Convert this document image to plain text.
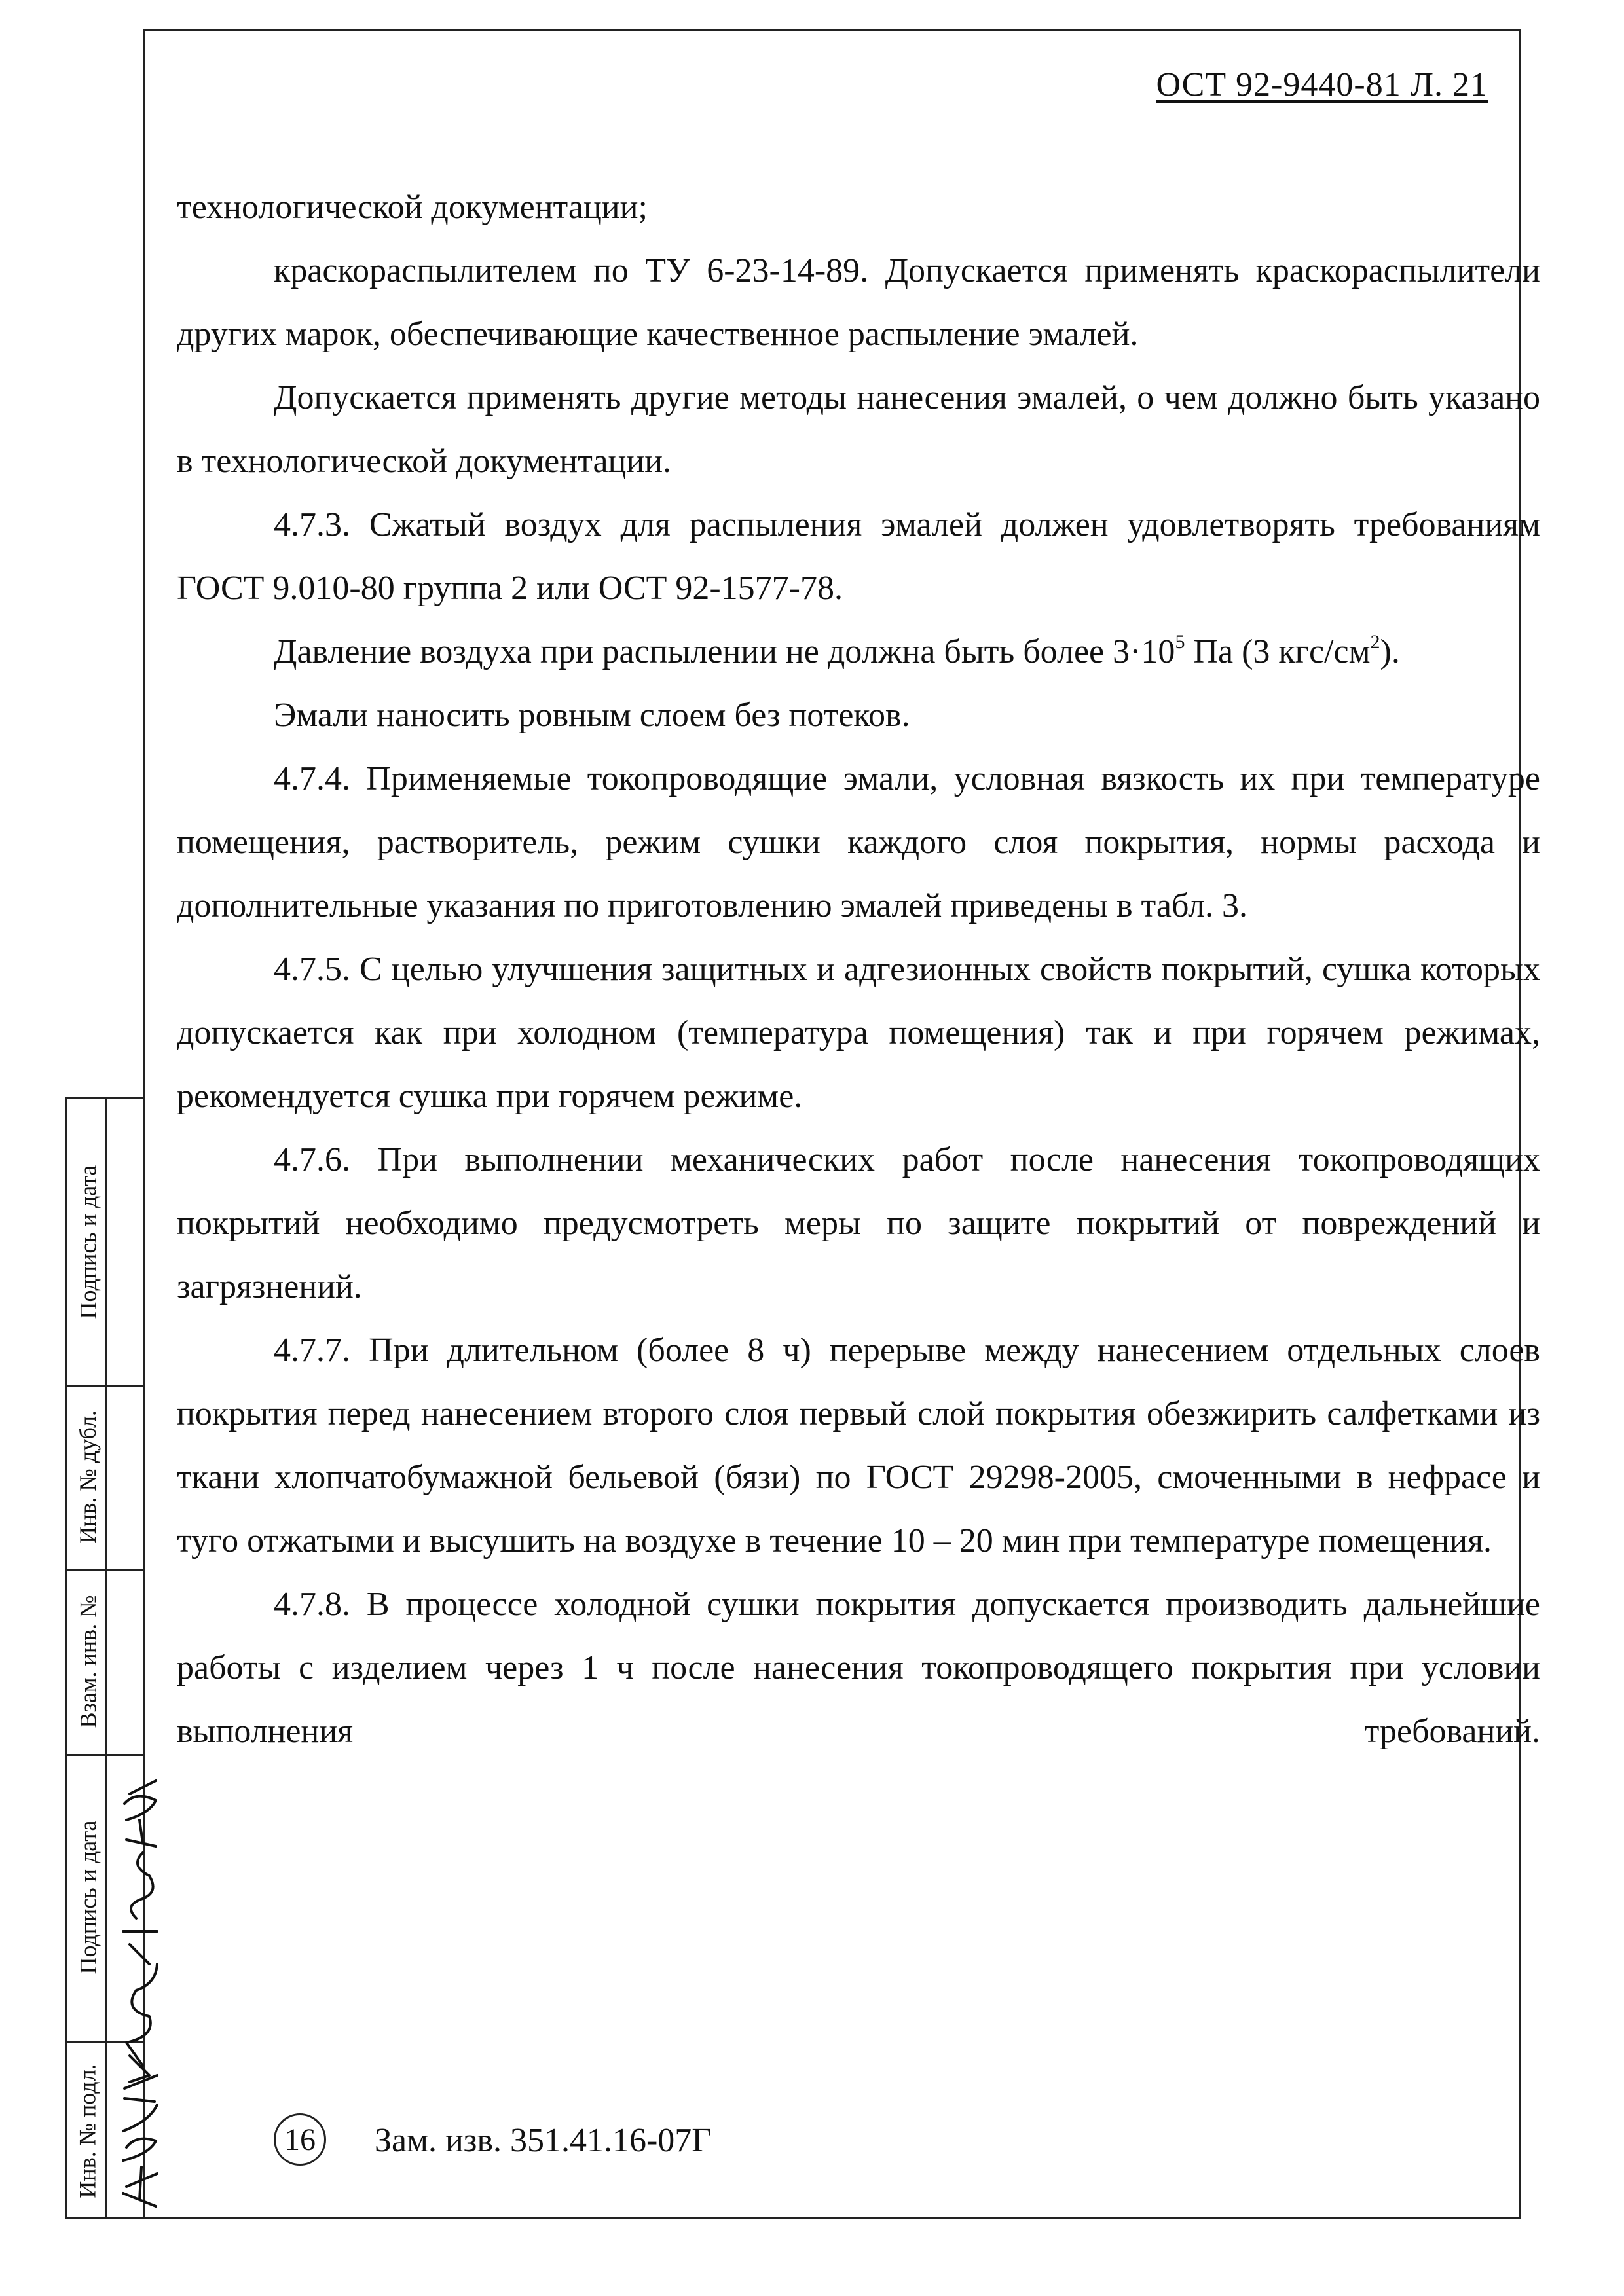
ОСТ 92-9440-81 Л. 21

технологической документации;

краскораспылителем по ТУ 6-23-14-89. Допускается применять краскораспылители других марок, обеспечивающие качественное распыление эмалей.

Допускается применять другие методы нанесения эмалей, о чем должно быть указано в технологической документации.

4.7.3. Сжатый воздух для распыления эмалей должен удовлетворять требованиям ГОСТ 9.010-80 группа 2 или ОСТ 92-1577-78.

Давление воздуха при распылении не должна быть более $3\cdot 10^5$ Па (3 кгс/$см^2$).

Эмали наносить ровным слоем без потеков.

4.7.4. Применяемые токопроводящие эмали, условная вязкость их при температуре помещения, растворитель, режим сушки каждого слоя покрытия, нормы расхода и дополнительные указания по приготовлению эмалей приведены в табл. 3.

4.7.5. С целью улучшения защитных и адгезионных свойств покрытий, сушка которых допускается как при холодном (температура помещения) так и при горячем режимах, рекомендуется сушка при горячем режиме.

4.7.6. При выполнении механических работ после нанесения токопроводящих покрытий необходимо предусмотреть меры по защите покрытий от повреждений и загрязнений.

4.7.7. При длительном (более 8 ч) перерыве между нанесением отдельных слоев покрытия перед нанесением второго слоя первый слой покрытия обезжирить салфетками из ткани хлопчатобумажной бельевой (бязи) по ГОСТ 29298-2005, смоченными в нефрасе и туго отжатыми и высушить на воздухе в течение 10 – 20 мин при температуре помещения.

4.7.8. В процессе холодной сушки покрытия допускается производить дальнейшие работы с изделием через 1 ч после нанесения токопроводящего покрытия при условии выполнения требований.

Подпись и дата
Инв. № дубл.
Взам. инв. №
Подпись и дата
Инв. № подл.	16 Зам. изв. 351.41.16-07Г
